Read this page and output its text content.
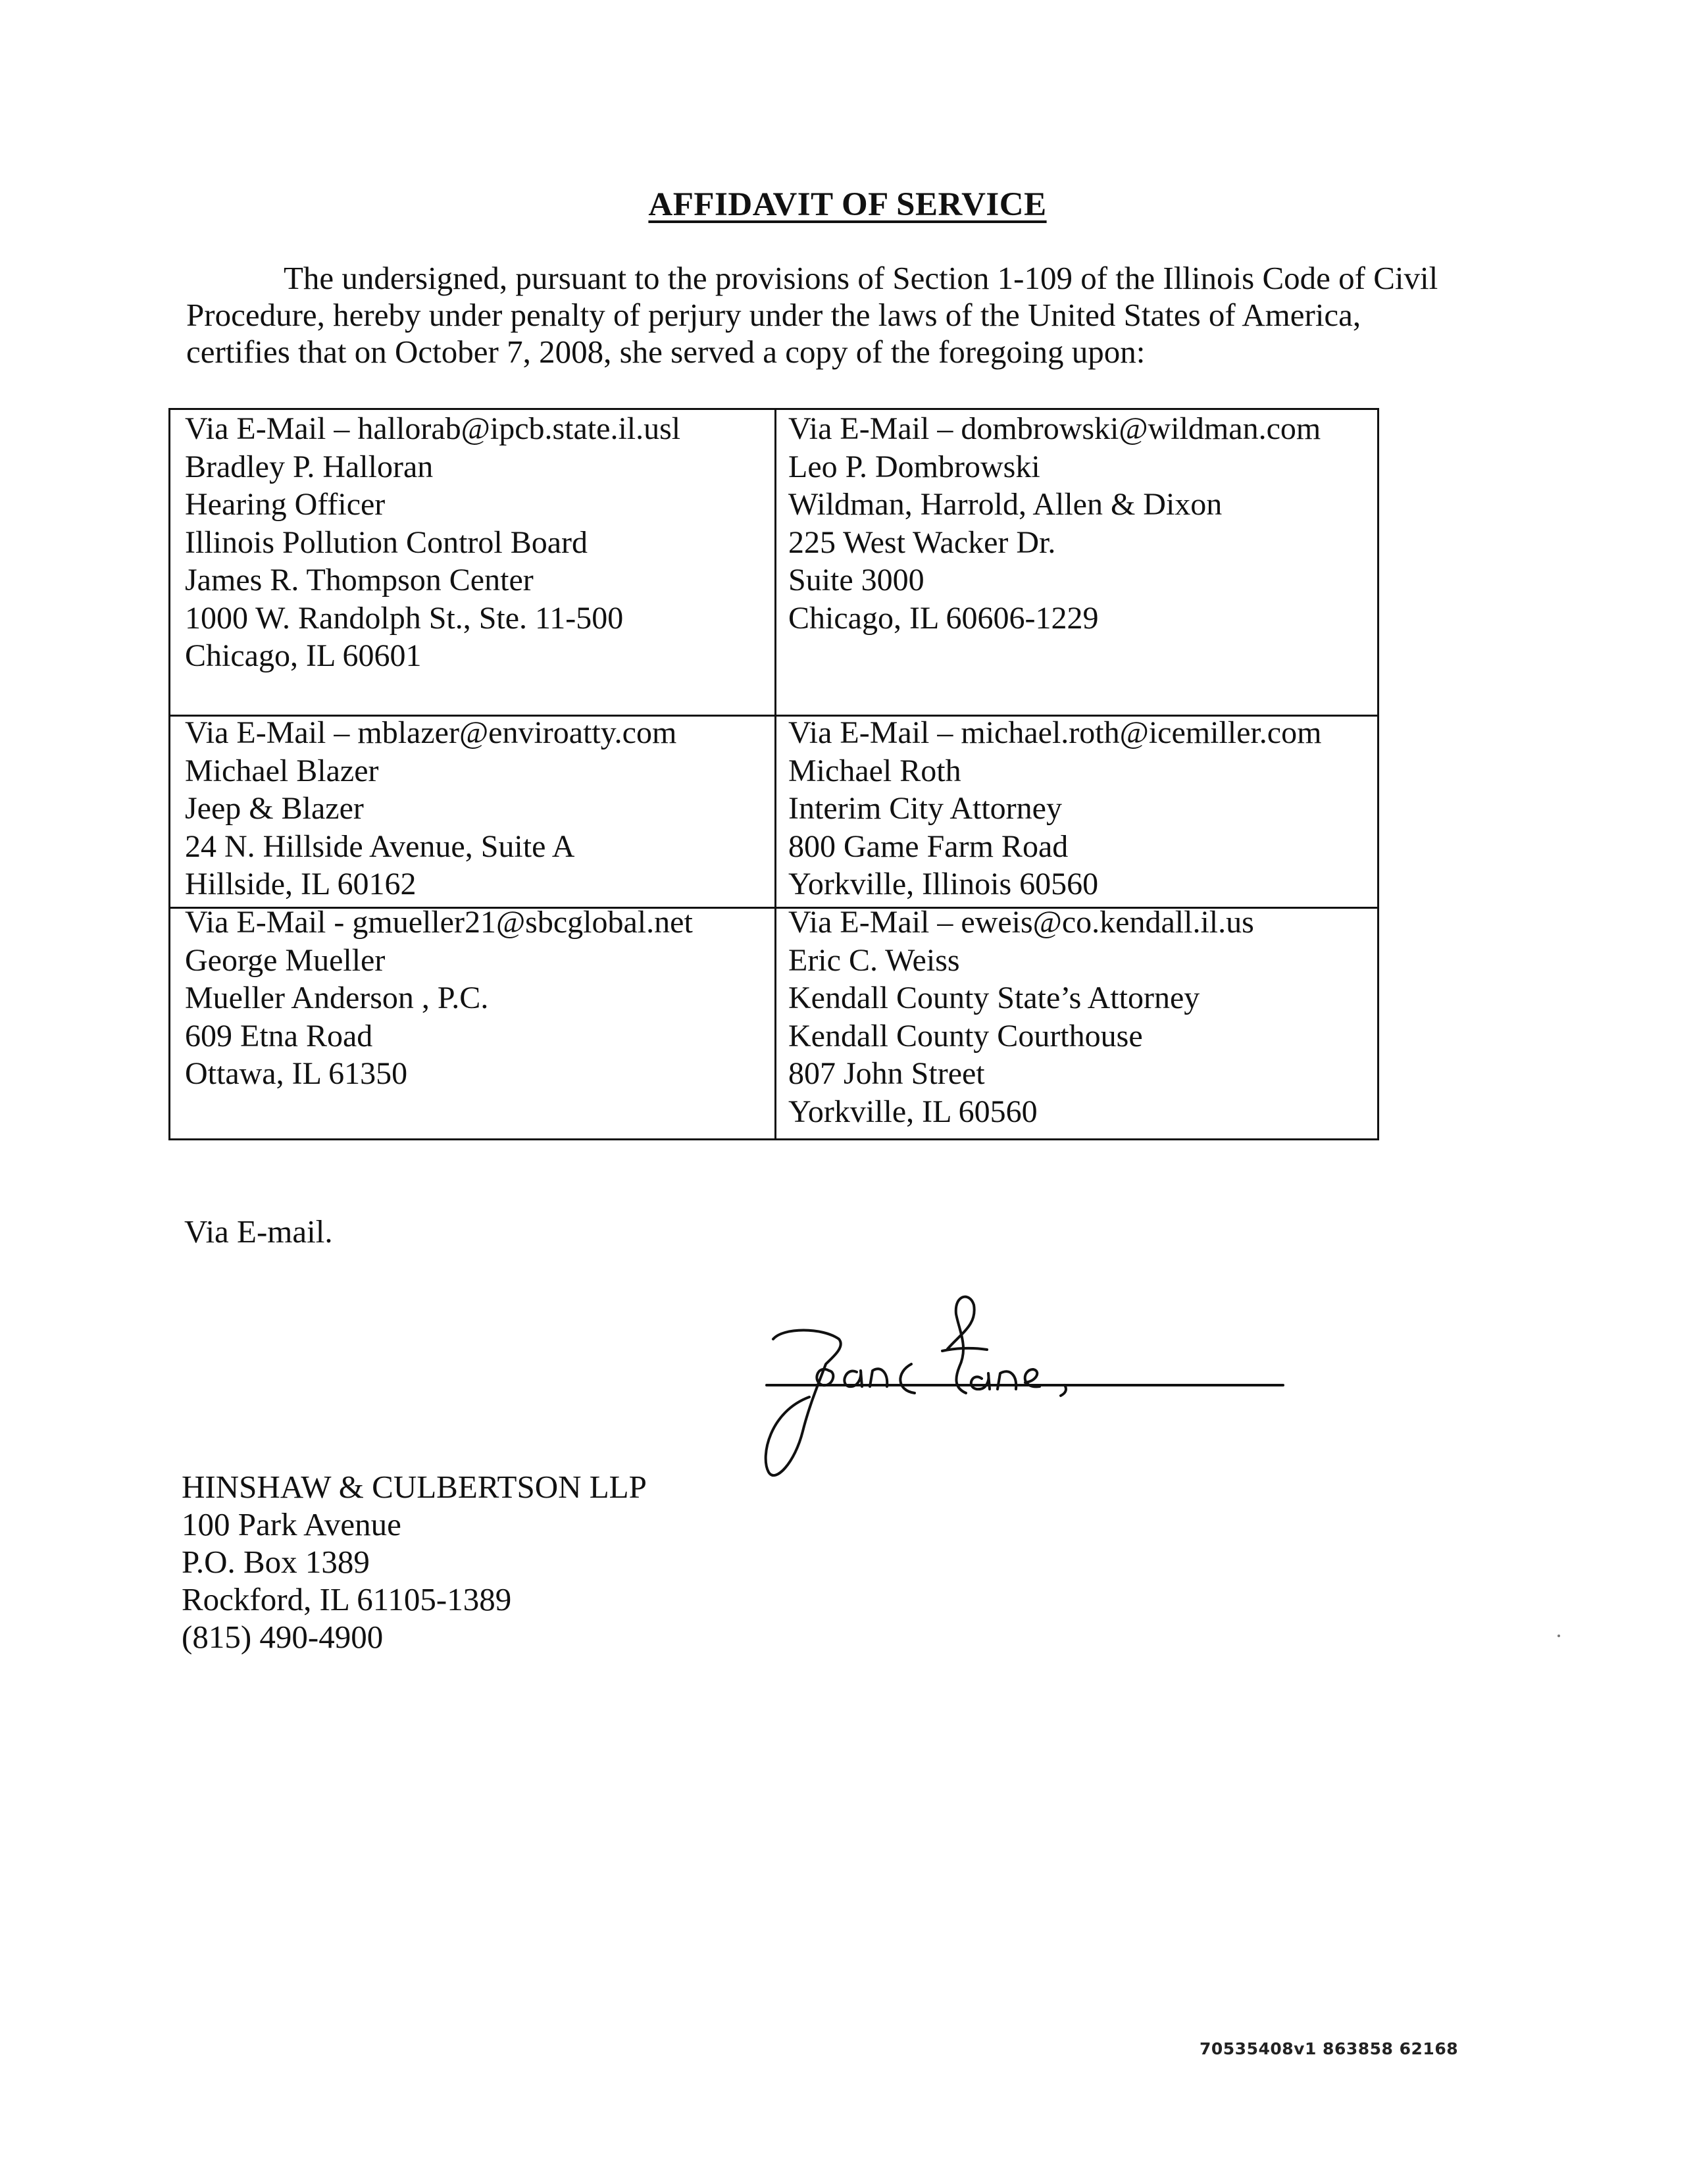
AFFIDAVIT OF SERVICE
The undersigned, pursuant to the provisions of Section 1-109 of the Illinois Code of Civil
Procedure, hereby under penalty of perjury under the laws of the United States of America,
certifies that on October 7, 2008, she served a copy of the foregoing upon:
Via E-Mail – hallorab@ipcb.state.il.usl
Bradley P. Halloran
Hearing Officer
Illinois Pollution Control Board
James R. Thompson Center
1000 W. Randolph St., Ste. 11-500
Chicago, IL 60601
Via E-Mail – dombrowski@wildman.com
Leo P. Dombrowski
Wildman, Harrold, Allen & Dixon
225 West Wacker Dr.
Suite 3000
Chicago, IL 60606-1229
Via E-Mail – mblazer@enviroatty.com
Michael Blazer
Jeep & Blazer
24 N. Hillside Avenue, Suite A
Hillside, IL 60162
Via E-Mail – michael.roth@icemiller.com
Michael Roth
Interim City Attorney
800 Game Farm Road
Yorkville, Illinois 60560
Via E-Mail - gmueller21@sbcglobal.net
George Mueller
Mueller Anderson , P.C.
609 Etna Road
Ottawa, IL 61350
Via E-Mail – eweis@co.kendall.il.us
Eric C. Weiss
Kendall County State’s Attorney
Kendall County Courthouse
807 John Street
Yorkville, IL 60560
Via E-mail.
HINSHAW & CULBERTSON LLP
100 Park Avenue
P.O. Box 1389
Rockford, IL 61105-1389
(815) 490-4900
70535408v1 863858 62168
